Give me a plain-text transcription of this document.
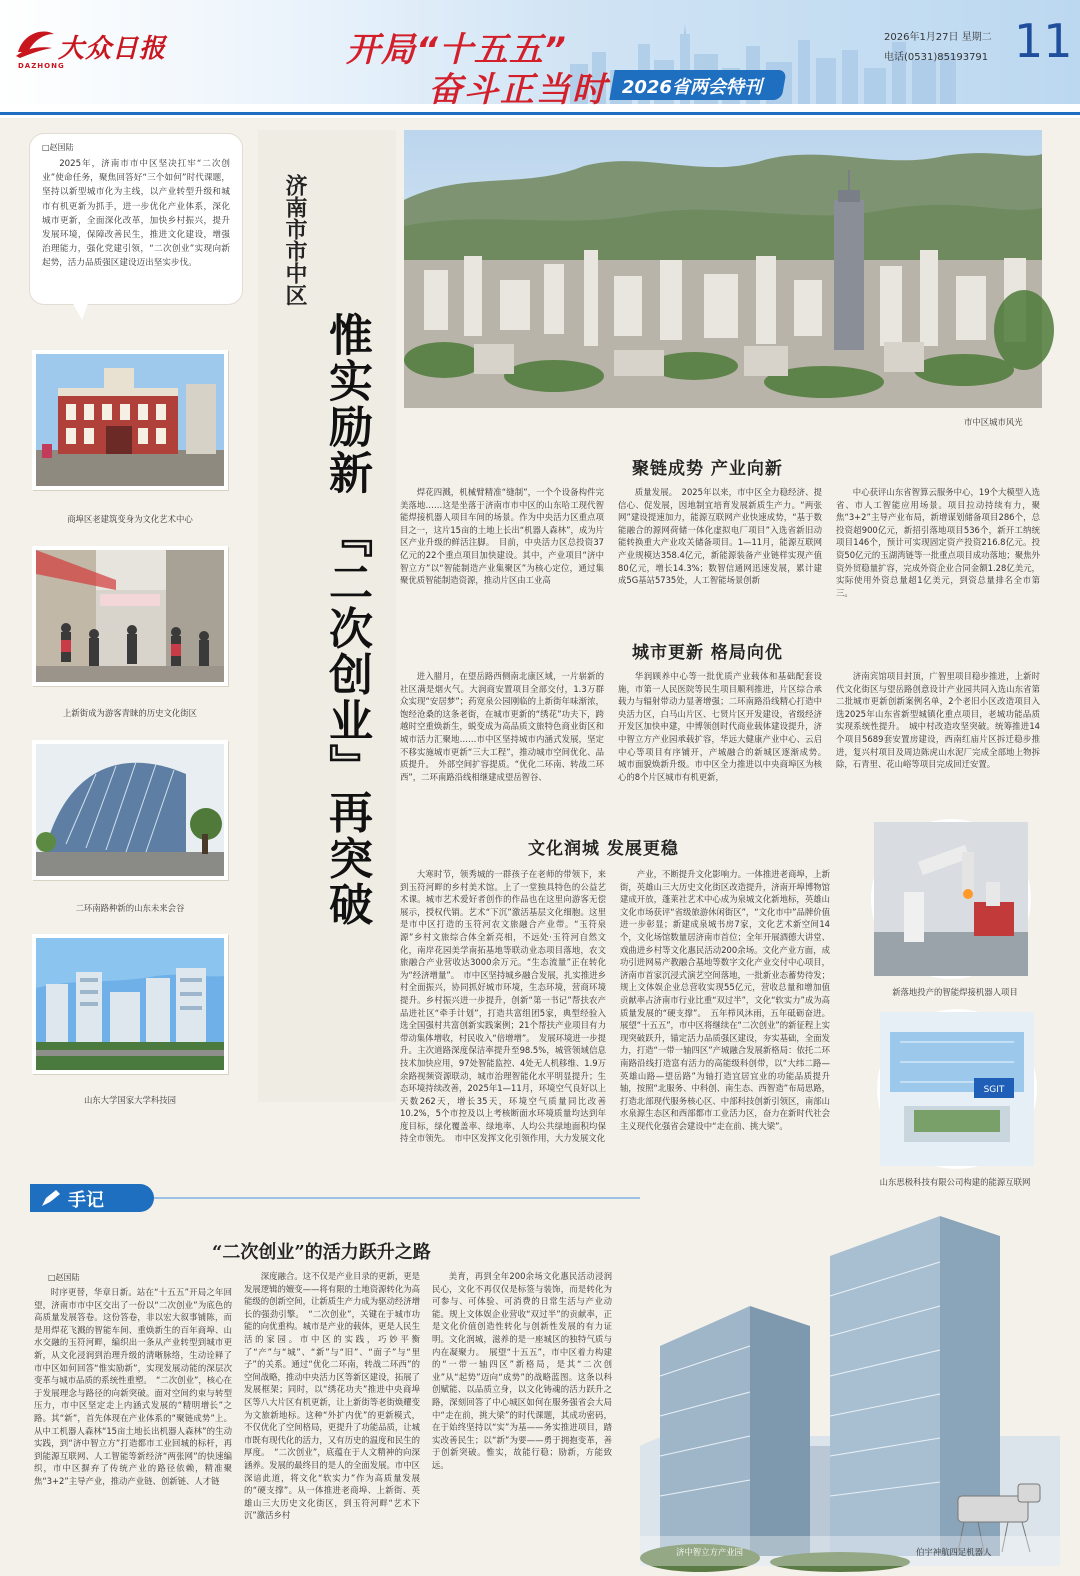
大众日报
DAZHONG	开局“十五五”
奋斗正当时 2026省两会特刊
2026年1月27日 星期二
电话(0531)85193791 11
□赵国陆
2025年，济南市市中区坚决扛牢“二次创业”使命任务，聚焦回答好“三个如何”时代课题，坚持以新型城市化为主线，以产业转型升级和城市有机更新为抓手，进一步优化产业体系，深化城市更新，全面深化改革，加快乡村振兴，提升发展环境，保障改善民生，推进文化建设，增强治理能力，强化党建引领，“二次创业”实现向新起势，活力品质强区建设迈出坚实步伐。
商埠区老建筑变身为文化艺术中心
上新街成为游客青睐的历史文化街区
二环南路种新的山东未来会谷
山东大学国家大学科技园
济南市市中区
惟实励新 『二次创业』再突破	市中区城市风光
聚链成势 产业向新
焊花四溅，机械臂精准“缝制”，一个个设备构件完美落地……这是坐落于济南市市中区的山东哈工现代智能焊接机器人项目车间的场景。作为中央活力区重点项目之一，这片15亩的土地上长出“机器人森林”，成为片区产业升级的鲜活注脚。　目前，中央活力区总投资37亿元的22个重点项目加快建设。其中，产业项目“济中智立方”以“智能制造产业集聚区”为核心定位，通过集聚优质智能制造资源，推动片区由工业高
质量发展。　2025年以来，市中区全力稳经济、提信心、促发展，因地制宜培育发展新质生产力。“两张网”建设提速加力，能源互联网产业快速成势，“基于数能融合的源网荷储一体化虚拟电厂项目”入选省新旧动能转换重大产业攻关储备项目。1—11月，能源互联网产业规模达358.4亿元，新能源装备产业链样实现产值80亿元，增长14.3%；数智信通网迅速发展，累计建成5G基站5735处，人工智能场景创新
中心获评山东省智算云服务中心，19个大模型入选省、市人工智能应用场景。项目拉动持续有力，聚焦“3+2”主导产业布局，新增谋划储备项目286个，总投资超900亿元，新招引落地项目536个，新开工纳统项目146个，预计可实现固定资产投资216.8亿元。投资50亿元的玉湖湾链等一批重点项目成功落地；聚焦外资外贸稳量扩容，完成外资企业合同金额1.28亿美元，实际使用外资总量超1亿美元，到资总量排名全市第三。
城市更新 格局向优
进入腊月，在望岳路西侧南北康区域，一片崭新的社区满是烟火气。大润商安置项目全部交付，1.3万群众实现“安居梦”；药宽泉公园刚临的上新街年味渐浓，饱经沧桑的这条老街，在城市更新的“绣花”功夫下，跨越时空重焕新生，蜕变成为高品质文旅特色商业街区和城市活力汇聚地……市中区坚持城市内涵式发展，坚定不移实施城市更新“三大工程”，推动城市空间优化、品质提升。　外部空间扩容提质。“优化二环南、转战二环西”，二环南路沿线相继建成望岳智谷、
华润顾养中心等一批优质产业载体和基础配套设施，市第一人民医院等民生项目顺利推进，片区综合承载力与辐射带动力显著增强；二环南路沿线精心打造中央活力区，白马山片区、七贤片区开发建设，省级经济开发区加快申建，中博领创时代商业载体建设提升，济中智立方产业园承载扩容，华远大健康产业中心、云启中心等项目有序铺开，产城融合的新城区逐渐成势。　城市面貌焕新升级。市中区全力推进以中央商埠区为核心的8个片区城市有机更新，
济南宾馆项目封顶，广智里项目稳步推进，上新时代文化街区与望岳路创意设计产业园共同入选山东省第二批城市更新创新案例名单，2个老旧小区改造项目入选2025年山东省新型城镇化重点项目，老城功能品质实现系统性提升。　城中村改造攻坚突破。统筹推进14个项目5689套安置房建设，西南红庙片区拆迁稳步推进，复兴村项目及周边陈虎山水泥厂完成全部地上物拆除，石青里、花山峪等项目完成回迁安置。
文化润城 发展更稳
大寒时节，领秀城的一群孩子在老师的带领下，来到玉符河畔的乡村美术馆。上了一堂独具特色的公益艺术课。城市艺术爱好者创作的作品也在这里向游客无偿展示，授权代销。艺术“下沉”激活基层文化细胞。这里是市中区打造的玉符河农文旅融合产业带。“玉符泉源”乡村文旅综合体全新亮相，不远处·玉符河自然文化，南岸花园美学南拓基地等联动业态项目落地，农文旅融合产业营收达3000余万元。“生态流量”正在转化为“经济增量”。　市中区坚持城乡融合发展，扎实推进乡村全面振兴，协同抓好城市环境，生态环境，营商环境提升。乡村振兴进一步提升，创新“第一书记”帮扶农产品进社区“牵手计划”，打造共富组团5家，典型经验入选全国强村共富创新实践案例；21个帮扶产业项目有力带动集体增收，村民收入“倍增增”。　发展环境进一步提升。主次道路深度保洁率提升至98.5%，城管领域信息技术加快应用，97处智能监控、4处无人机移维、1.9万余路视频资源联动，城市治理智能化水平明显提升；生态环境持续改善，2025年1—11月，环境空气良好以上天数262天，增长35天，环境空气质量同比改善10.2%，5个市控及以上考核断面水环境质量均达到年度目标，绿化覆盖率、绿地率、人均公共绿地面积均保持全市领先。　市中区发挥文化引领作用，大力发展文化
产业，不断提升文化影响力。一体推进老商埠，上新街，英雄山三大历史文化街区改造提升，济南开埠博物馆建成开放，蓬莱社艺术中心成为泉城文化新地标，英雄山文化市场获评“省级旅游休闲街区”，“文化市中”品牌价值进一步彰显；新建成泉城书房7家，文化艺术新空间14个，文化场馆数量居济南市首位；全年开展酒德大讲堂、戏曲进乡村等文化惠民活动200余场。文化产业方面，成功引进网易产教融合基地等数字文化产业交付中心项目，济南市首家沉浸式演艺空间落地，一批新业态蓄势待发；规上文体娱企业总营收实现55亿元，营收总量和增加值贡献率占济南市行业比重“双过半”，文化“软实力”成为高质量发展的“硬支撑”。　五年栉风沐雨，五年砥砺奋进。展望“十五五”，市中区将继续在“二次创业”的新征程上实现突破跃升，锚定活力品质强区建设，夯实基础，全面发力，打造“一带一轴四区”产城融合发展新格局：依托二环南路沿线打造富有活力的高能级科创带，以“大纬二路—英雄山路—望岳路”为轴打造宜居宜业的功能品质提升轴，按照“北服务、中科创、南生态、西智造”布局思路，打造北部现代服务核心区、中部科技创新引领区，南部山水泉源生态区和西部都市工业活力区，奋力在新时代社会主义现代化强省会建设中“走在前、挑大梁”。
新落地投产的智能焊接机器人项目
SGIT
山东思极科技有限公司构建的能源互联网
手记
“二次创业”的活力跃升之路
□赵国陆
时序更替，华章日新。站在“十五五”开局之年回望，济南市市中区交出了一份以“二次创业”为底色的高质量发展答卷。这份答卷，非以宏大叙事铺陈，而是用焊花飞溅的智能车间、重焕新生的百年商埠、山水交融的玉符河畔，编织出一条从产业转型到城市更新，从文化浸润到治理升级的清晰脉络，生动诠释了市中区如何回答“惟实励新”，实现发展动能的深层次变革与城市品质的系统性重塑。　“二次创业”，核心在于发展理念与路径的向新突破。面对空间约束与转型压力，市中区坚定走上内涵式发展的“精明增长”之路。其“新”，首先体现在产业体系的“聚链成势”上。从中工机器人森林“15亩土地长出机器人森林”的生动实践，到“济中智立方”打造都市工业回城的标杆，再到能源互联网、人工智能等新经济“两张网”的快速编织，市中区摒弃了传统产业的路径依赖，精准聚焦“3+2”主导产业，推动产业链、创新链、人才链
深度融合。这不仅是产业目录的更新，更是发展逻辑的嬗变——将有限的土地资源转化为高能级的创新空间，让新质生产力成为驱动经济增长的强劲引擎。　“二次创业”，关键在于城市功能的向优重构。城市是产业的载体，更是人民生活的家园。市中区的实践，巧妙平衡了“产”与“城”、“新”与“旧”、“面子”与“里子”的关系。通过“优化二环南，转战二环西”的空间战略，推动中央活力区等新区建设，拓展了发展框架；同时，以“绣花功夫”推进中央商埠区等八大片区有机更新，让上新街等老街焕耀变为文旅新地标。这种“外扩内优”的更新模式，不仅优化了空间格局，更提升了功能品质，让城市既有现代化的活力，又有历史的温度和民生的厚度。　“二次创业”，底蕴在于人文精神的向深涵养。发展的最终目的是人的全面发展。市中区深谙此道，将文化“软实力”作为高质量发展的“硬支撑”。从一体推进老商埠、上新街、英雄山三大历史文化街区，到玉符河畔“艺术下沉”激活乡村
美育，再到全年200余场文化惠民活动浸润民心，文化不再仅仅是标签与装饰，而是转化为可参与、可体验、可消费的日常生活与产业动能。规上文体娱企业营收“双过半”的贡献率，正是文化价值创造性转化与创新性发展的有力证明。文化润城，滋养的是一座城区的独特气质与内在凝聚力。　展望“十五五”，市中区着力构建的“一带一轴四区”新格局，是其“二次创业”从“起势”迈向“成势”的战略蓝图。这条以科创赋能、以品质立身，以文化铸魂的活力跃升之路，深刻回答了中心城区如何在服务强省会大局中“走在前，挑大梁”的时代课题，其成功密码，在于始终坚持以“实”为基——务实推进项目，踏实改善民生；以“新”为要——勇于拥抱变革，善于创新突破。惟实，故能行稳；励新，方能致远。
济中智立方产业园	伯宇神航四足机器人
